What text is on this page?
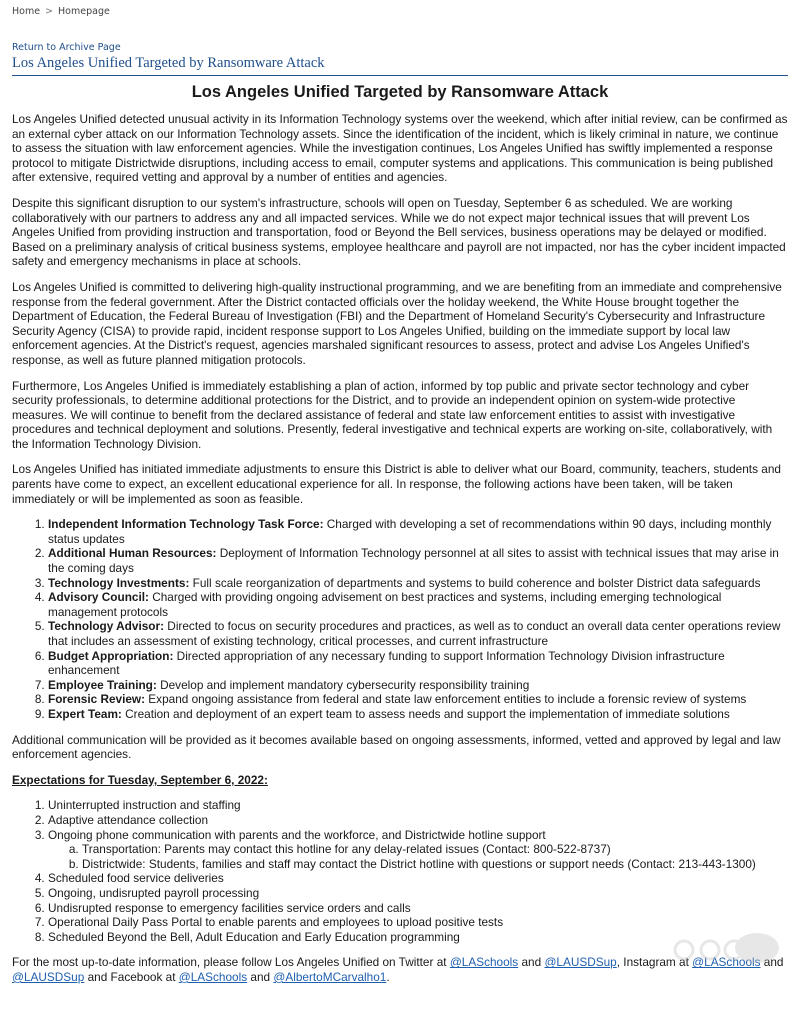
Home > Homepage
Return to Archive Page
Los Angeles Unified Targeted by Ransomware Attack
Los Angeles Unified Targeted by Ransomware Attack

Los Angeles Unified detected unusual activity in its Information Technology systems over the weekend, which after initial review, can be confirmed as an external cyber attack on our Information Technology assets. Since the identification of the incident, which is likely criminal in nature, we continue to assess the situation with law enforcement agencies. While the investigation continues, Los Angeles Unified has swiftly implemented a response protocol to mitigate Districtwide disruptions, including access to email, computer systems and applications. This communication is being published after extensive, required vetting and approval by a number of entities and agencies.

Despite this significant disruption to our system's infrastructure, schools will open on Tuesday, September 6 as scheduled. We are working collaboratively with our partners to address any and all impacted services. While we do not expect major technical issues that will prevent Los Angeles Unified from providing instruction and transportation, food or Beyond the Bell services, business operations may be delayed or modified. Based on a preliminary analysis of critical business systems, employee healthcare and payroll are not impacted, nor has the cyber incident impacted safety and emergency mechanisms in place at schools.

Los Angeles Unified is committed to delivering high-quality instructional programming, and we are benefiting from an immediate and comprehensive response from the federal government. After the District contacted officials over the holiday weekend, the White House brought together the Department of Education, the Federal Bureau of Investigation (FBI) and the Department of Homeland Security's Cybersecurity and Infrastructure Security Agency (CISA) to provide rapid, incident response support to Los Angeles Unified, building on the immediate support by local law enforcement agencies. At the District's request, agencies marshaled significant resources to assess, protect and advise Los Angeles Unified's response, as well as future planned mitigation protocols.

Furthermore, Los Angeles Unified is immediately establishing a plan of action, informed by top public and private sector technology and cyber security professionals, to determine additional protections for the District, and to provide an independent opinion on system-wide protective measures. We will continue to benefit from the declared assistance of federal and state law enforcement entities to assist with investigative procedures and technical deployment and solutions. Presently, federal investigative and technical experts are working on-site, collaboratively, with the Information Technology Division.

Los Angeles Unified has initiated immediate adjustments to ensure this District is able to deliver what our Board, community, teachers, students and parents have come to expect, an excellent educational experience for all. In response, the following actions have been taken, will be taken immediately or will be implemented as soon as feasible.

1. Independent Information Technology Task Force: Charged with developing a set of recommendations within 90 days, including monthly status updates
2. Additional Human Resources: Deployment of Information Technology personnel at all sites to assist with technical issues that may arise in the coming days
3. Technology Investments: Full scale reorganization of departments and systems to build coherence and bolster District data safeguards
4. Advisory Council: Charged with providing ongoing advisement on best practices and systems, including emerging technological management protocols
5. Technology Advisor: Directed to focus on security procedures and practices, as well as to conduct an overall data center operations review that includes an assessment of existing technology, critical processes, and current infrastructure
6. Budget Appropriation: Directed appropriation of any necessary funding to support Information Technology Division infrastructure enhancement
7. Employee Training: Develop and implement mandatory cybersecurity responsibility training
8. Forensic Review: Expand ongoing assistance from federal and state law enforcement entities to include a forensic review of systems
9. Expert Team: Creation and deployment of an expert team to assess needs and support the implementation of immediate solutions

Additional communication will be provided as it becomes available based on ongoing assessments, informed, vetted and approved by legal and law enforcement agencies.

Expectations for Tuesday, September 6, 2022:

1. Uninterrupted instruction and staffing
2. Adaptive attendance collection
3. Ongoing phone communication with parents and the workforce, and Districtwide hotline support
a. Transportation: Parents may contact this hotline for any delay-related issues (Contact: 800-522-8737)
b. Districtwide: Students, families and staff may contact the District hotline with questions or support needs (Contact: 213-443-1300)
4. Scheduled food service deliveries
5. Ongoing, undisrupted payroll processing
6. Undisrupted response to emergency facilities service orders and calls
7. Operational Daily Pass Portal to enable parents and employees to upload positive tests
8. Scheduled Beyond the Bell, Adult Education and Early Education programming

For the most up-to-date information, please follow Los Angeles Unified on Twitter at @LASchools and @LAUSDSup, Instagram at @LASchools and @LAUSDSup and Facebook at @LASchools and @AlbertoMCarvalho1.
